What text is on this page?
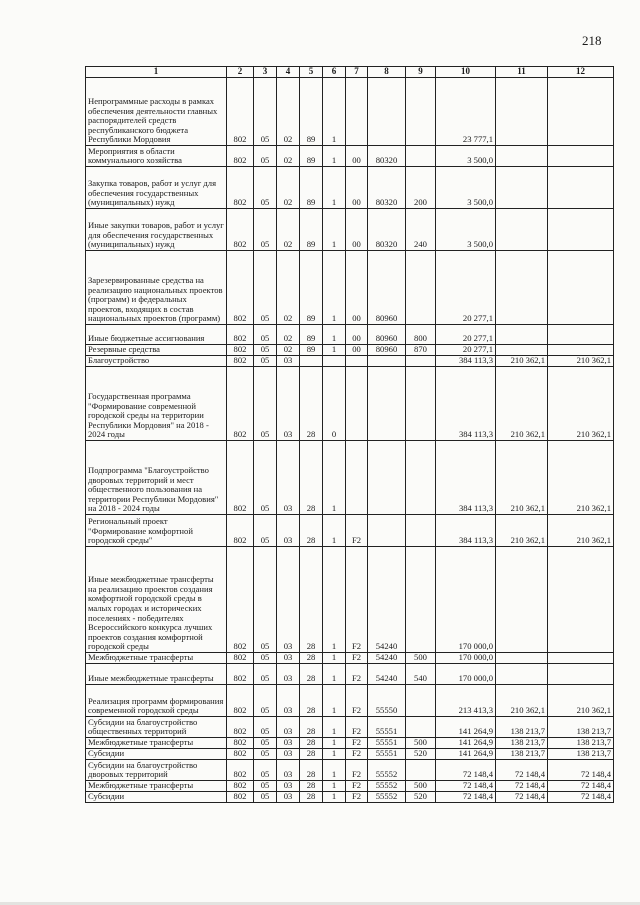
218
1	2	3	4	5	6	7	8	9	10	11	12
Непрограммные расходы в рамках обеспечения деятельности главных распорядителей средств республиканского бюджета Республики Мордовия	802	05	02	89	1				23 777,1		
Мероприятия в области коммунального хозяйства	802	05	02	89	1	00	80320		3 500,0		
Закупка товаров, работ и услуг для обеспечения государственных (муниципальных) нужд	802	05	02	89	1	00	80320	200	3 500,0		
Иные закупки товаров, работ и услуг для обеспечения государственных (муниципальных) нужд	802	05	02	89	1	00	80320	240	3 500,0		
Зарезервированные средства на реализацию национальных проектов (программ) и федеральных проектов, входящих в состав национальных проектов (программ)	802	05	02	89	1	00	80960		20 277,1		
Иные бюджетные ассигнования	802	05	02	89	1	00	80960	800	20 277,1		
Резервные средства	802	05	02	89	1	00	80960	870	20 277,1		
Благоустройство	802	05	03						384 113,3	210 362,1	210 362,1
Государственная программа "Формирование современной городской среды на территории Республики Мордовия" на 2018 - 2024 годы	802	05	03	28	0				384 113,3	210 362,1	210 362,1
Подпрограмма "Благоустройство дворовых территорий и мест общественного пользования на территории Республики Мордовия" на 2018 - 2024 годы	802	05	03	28	1				384 113,3	210 362,1	210 362,1
Региональный проект "Формирование комфортной городской среды"	802	05	03	28	1	F2			384 113,3	210 362,1	210 362,1
Иные межбюджетные трансферты на реализацию проектов создания комфортной городской среды в малых городах и исторических поселениях - победителях Всероссийского конкурса лучших проектов создания комфортной городской среды	802	05	03	28	1	F2	54240		170 000,0		
Межбюджетные трансферты	802	05	03	28	1	F2	54240	500	170 000,0		
Иные межбюджетные трансферты	802	05	03	28	1	F2	54240	540	170 000,0		
Реализация программ формирования современной городской среды	802	05	03	28	1	F2	55550		213 413,3	210 362,1	210 362,1
Субсидии на благоустройство общественных территорий	802	05	03	28	1	F2	55551		141 264,9	138 213,7	138 213,7
Межбюджетные трансферты	802	05	03	28	1	F2	55551	500	141 264,9	138 213,7	138 213,7
Субсидии	802	05	03	28	1	F2	55551	520	141 264,9	138 213,7	138 213,7
Субсидии на благоустройство дворовых территорий	802	05	03	28	1	F2	55552		72 148,4	72 148,4	72 148,4
Межбюджетные трансферты	802	05	03	28	1	F2	55552	500	72 148,4	72 148,4	72 148,4
Субсидии	802	05	03	28	1	F2	55552	520	72 148,4	72 148,4	72 148,4
